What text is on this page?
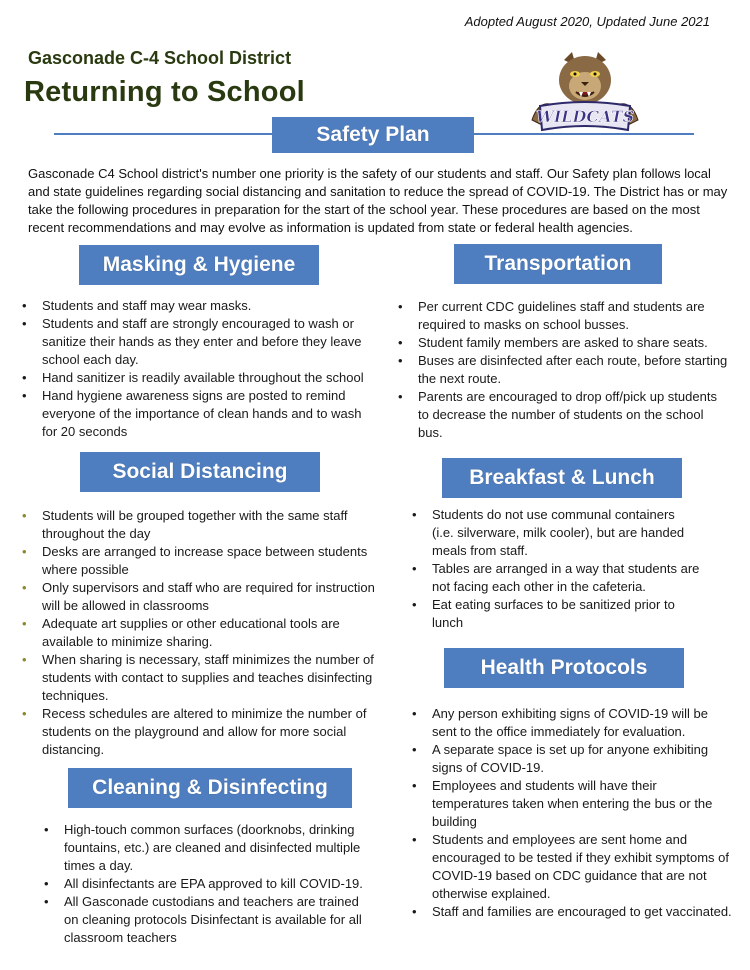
Adopted August 2020, Updated June 2021
Gasconade C-4 School District
Returning to School
WILDCATS
Safety Plan
Gasconade C4 School district's number one priority is the safety of our students and staff. Our Safety plan follows local and state guidelines regarding social distancing and sanitation to reduce the spread of COVID-19. The District has or may take the following procedures in preparation for the start of the school year. These procedures are based on the most recent recommendations and may evolve as information is updated from state or federal health agencies.
Masking & Hygiene
• Students and staff may wear masks.
• Students and staff are strongly encouraged to wash or sanitize their hands as they enter and before they leave school each day.
• Hand sanitizer is readily available throughout the school
• Hand hygiene awareness signs are posted to remind everyone of the importance of clean hands and to wash for 20 seconds
Transportation
• Per current CDC guidelines staff and students are required to masks on school busses.
• Student family members are asked to share seats.
• Buses are disinfected after each route, before starting the next route.
• Parents are encouraged to drop off/pick up students to decrease the number of students on the school bus.
Social Distancing
• Students will be grouped together with the same staff throughout the day
• Desks are arranged to increase space between students where possible
• Only supervisors and staff who are required for instruction will be allowed in classrooms
• Adequate art supplies or other educational tools are available to minimize sharing.
• When sharing is necessary, staff minimizes the number of students with contact to supplies and teaches disinfecting techniques.
• Recess schedules are altered to minimize the number of students on the playground and allow for more social distancing.
Breakfast & Lunch
• Students do not use communal containers (i.e. silverware, milk cooler), but are handed meals from staff.
• Tables are arranged in a way that students are not facing each other in the cafeteria.
• Eat eating surfaces to be sanitized prior to lunch
Health Protocols
• Any person exhibiting signs of COVID-19 will be sent to the office immediately for evaluation.
• A separate space is set up for anyone exhibiting signs of COVID-19.
• Employees and students will have their temperatures taken when entering the bus or the building
• Students and employees are sent home and encouraged to be tested if they exhibit symptoms of COVID-19 based on CDC guidance that are not otherwise explained.
• Staff and families are encouraged to get vaccinated.
Cleaning & Disinfecting
• High-touch common surfaces (doorknobs, drinking fountains, etc.) are cleaned and disinfected multiple times a day.
• All disinfectants are EPA approved to kill COVID-19.
• All Gasconade custodians and teachers are trained on cleaning protocols Disinfectant is available for all classroom teachers
